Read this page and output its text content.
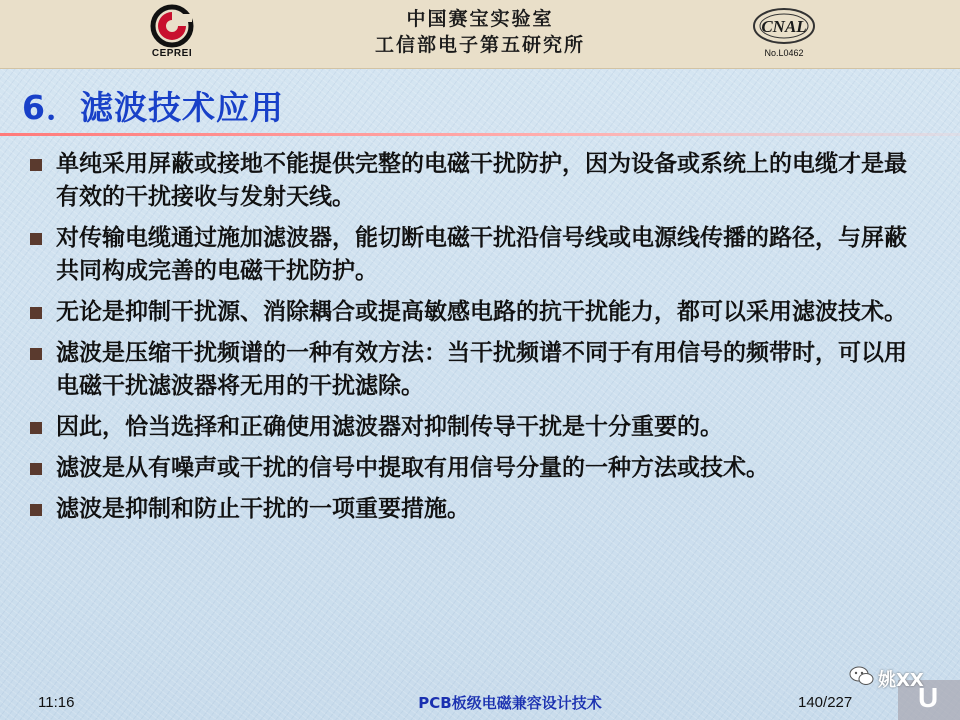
CEPREI
中国赛宝实验室
工信部电子第五研究所
CNAL
No.L0462
6．滤波技术应用
单纯采用屏蔽或接地不能提供完整的电磁干扰防护，因为设备或系统上的电缆才是最有效的干扰接收与发射天线。
对传输电缆通过施加滤波器，能切断电磁干扰沿信号线或电源线传播的路径，与屏蔽共同构成完善的电磁干扰防护。
无论是抑制干扰源、消除耦合或提高敏感电路的抗干扰能力，都可以采用滤波技术。
滤波是压缩干扰频谱的一种有效方法：当干扰频谱不同于有用信号的频带时，可以用电磁干扰滤波器将无用的干扰滤除。
因此，恰当选择和正确使用滤波器对抑制传导干扰是十分重要的。
滤波是从有噪声或干扰的信号中提取有用信号分量的一种方法或技术。
滤波是抑制和防止干扰的一项重要措施。
11:16	PCB板级电磁兼容设计技术	140/227 U
姚XX
